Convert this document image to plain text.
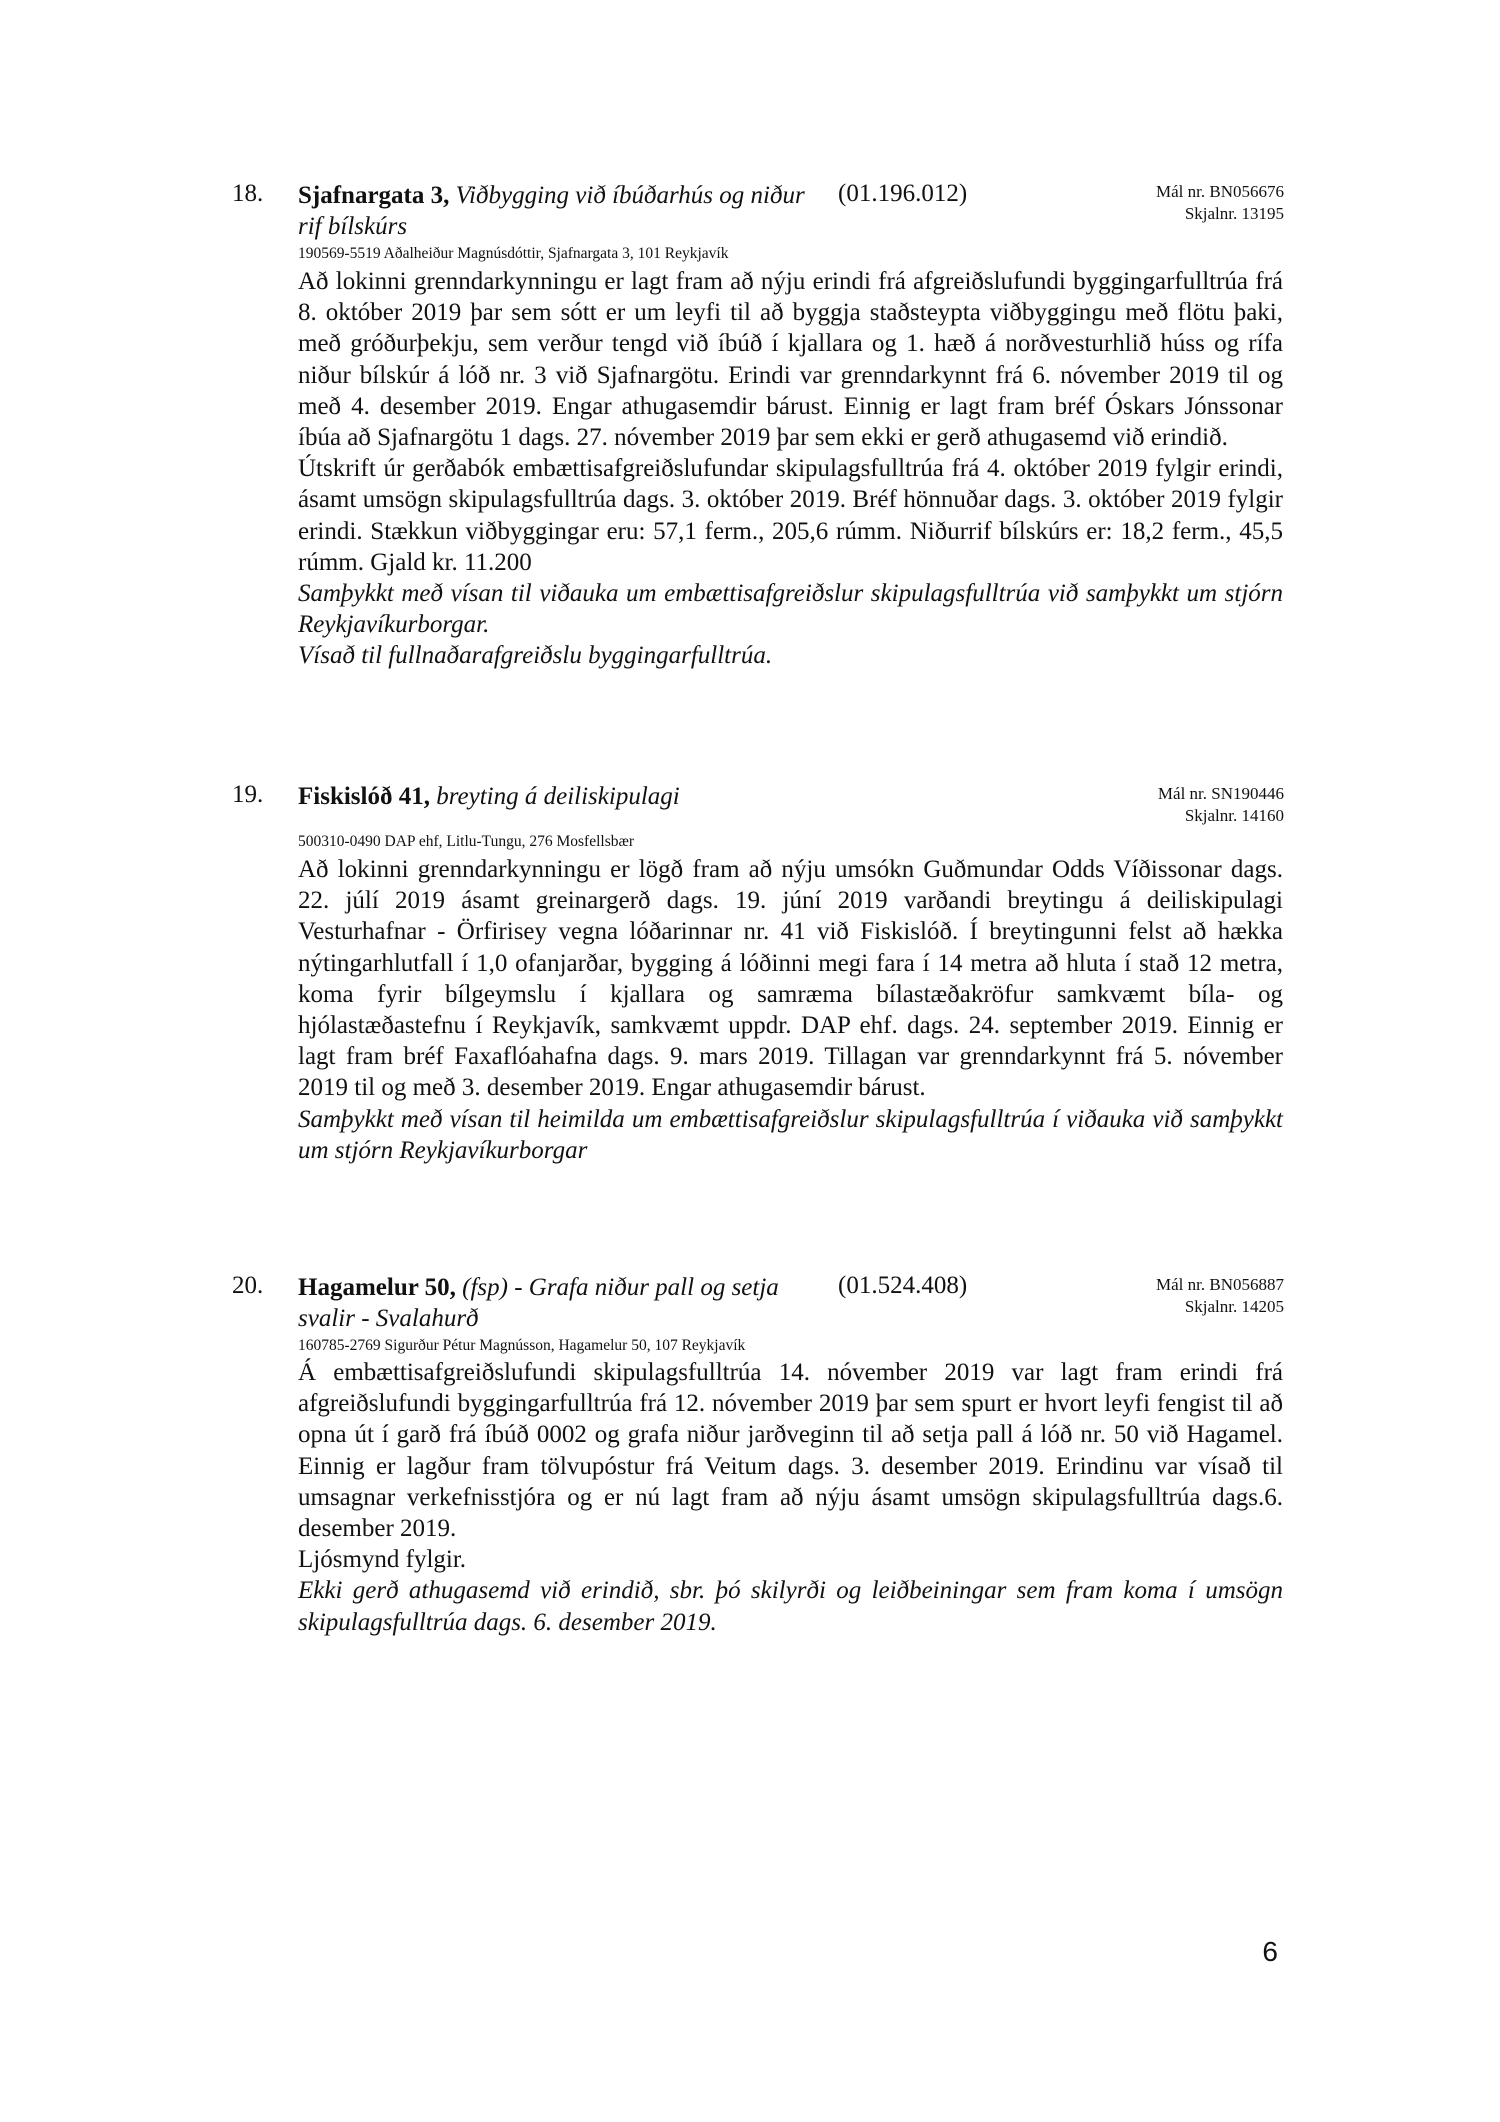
18. Sjafnargata 3, Viðbygging við íbúðarhús og niður rif bílskúrs
(01.196.012)	Mál nr. BN056676
Skjalnr. 13195
190569-5519 Aðalheiður Magnúsdóttir, Sjafnargata 3, 101 Reykjavík

Að lokinni grenndarkynningu er lagt fram að nýju erindi frá afgreiðslufundi byggingarfulltrúa frá 8. október 2019 þar sem sótt er um leyfi til að byggja staðsteypta viðbyggingu með flötu þaki, með gróðurþekju, sem verður tengd við íbúð í kjallara og 1. hæð á norðvesturhlið húss og rífa niður bílskúr á lóð nr. 3 við Sjafnargötu. Erindi var grenndarkynnt frá 6. nóvember 2019 til og með 4. desember 2019. Engar athugasemdir bárust. Einnig er lagt fram bréf Óskars Jónssonar íbúa að Sjafnargötu 1 dags. 27. nóvember 2019 þar sem ekki er gerð athugasemd við erindið.

Útskrift úr gerðabók embættisafgreiðslufundar skipulagsfulltrúa frá 4. október 2019 fylgir erindi, ásamt umsögn skipulagsfulltrúa dags. 3. október 2019. Bréf hönnuðar dags. 3. október 2019 fylgir erindi. Stækkun viðbyggingar eru: 57,1 ferm., 205,6 rúmm. Niðurrif bílskúrs er: 18,2 ferm., 45,5 rúmm. Gjald kr. 11.200

Samþykkt með vísan til viðauka um embættisafgreiðslur skipulagsfulltrúa við samþykkt um stjórn Reykjavíkurborgar.

Vísað til fullnaðarafgreiðslu byggingarfulltrúa.

19. Fiskislóð 41, breyting á deiliskipulagi	Mál nr. SN190446
Skjalnr. 14160
500310-0490 DAP ehf, Litlu-Tungu, 276 Mosfellsbær

Að lokinni grenndarkynningu er lögð fram að nýju umsókn Guðmundar Odds Víðissonar dags. 22. júlí 2019 ásamt greinargerð dags. 19. júní 2019 varðandi breytingu á deiliskipulagi Vesturhafnar - Örfirisey vegna lóðarinnar nr. 41 við Fiskislóð. Í breytingunni felst að hækka nýtingarhlutfall í 1,0 ofanjarðar, bygging á lóðinni megi fara í 14 metra að hluta í stað 12 metra, koma fyrir bílgeymslu í kjallara og samræma bílastæðakröfur samkvæmt bíla- og hjólastæðastefnu í Reykjavík, samkvæmt uppdr. DAP ehf. dags. 24. september 2019. Einnig er lagt fram bréf Faxaflóahafna dags. 9. mars 2019. Tillagan var grenndarkynnt frá 5. nóvember 2019 til og með 3. desember 2019. Engar athugasemdir bárust.

Samþykkt með vísan til heimilda um embættisafgreiðslur skipulagsfulltrúa í viðauka við samþykkt um stjórn Reykjavíkurborgar

20. Hagamelur 50, (fsp) - Grafa niður pall og setja svalir - Svalahurð
(01.524.408)	Mál nr. BN056887
Skjalnr. 14205
160785-2769 Sigurður Pétur Magnússon, Hagamelur 50, 107 Reykjavík

Á embættisafgreiðslufundi skipulagsfulltrúa 14. nóvember 2019 var lagt fram erindi frá afgreiðslufundi byggingarfulltrúa frá 12. nóvember 2019 þar sem spurt er hvort leyfi fengist til að opna út í garð frá íbúð 0002 og grafa niður jarðveginn til að setja pall á lóð nr. 50 við Hagamel. Einnig er lagður fram tölvupóstur frá Veitum dags. 3. desember 2019. Erindinu var vísað til umsagnar verkefnisstjóra og er nú lagt fram að nýju ásamt umsögn skipulagsfulltrúa dags.6. desember 2019.

Ljósmynd fylgir.

Ekki gerð athugasemd við erindið, sbr. þó skilyrði og leiðbeiningar sem fram koma í umsögn skipulagsfulltrúa dags. 6. desember 2019.

6
